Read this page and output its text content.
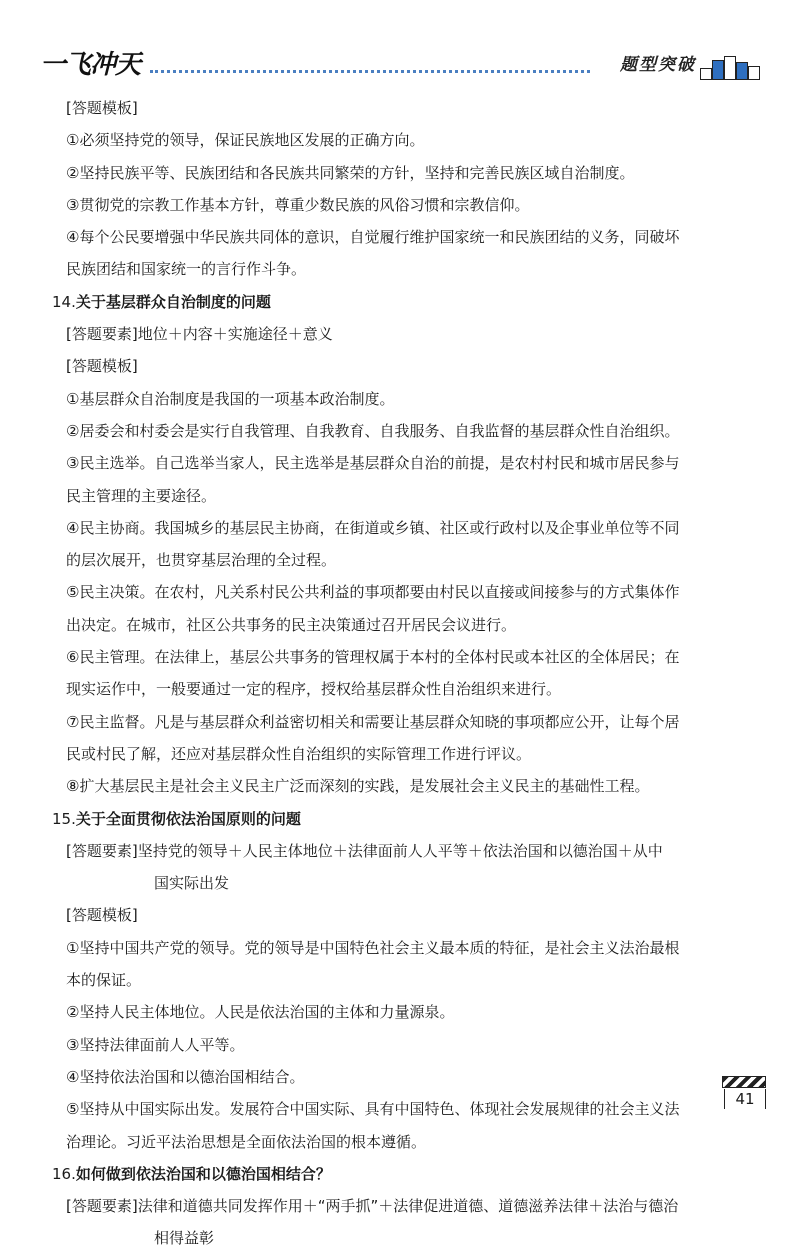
一飞冲天	题型突破
[答题模板]
①必须坚持党的领导，保证民族地区发展的正确方向。
②坚持民族平等、民族团结和各民族共同繁荣的方针，坚持和完善民族区域自治制度。
③贯彻党的宗教工作基本方针，尊重少数民族的风俗习惯和宗教信仰。
④每个公民要增强中华民族共同体的意识，自觉履行维护国家统一和民族团结的义务，同破坏
民族团结和国家统一的言行作斗争。
14.关于基层群众自治制度的问题
[答题要素]地位＋内容＋实施途径＋意义
[答题模板]
①基层群众自治制度是我国的一项基本政治制度。
②居委会和村委会是实行自我管理、自我教育、自我服务、自我监督的基层群众性自治组织。
③民主选举。自己选举当家人，民主选举是基层群众自治的前提，是农村村民和城市居民参与
民主管理的主要途径。
④民主协商。我国城乡的基层民主协商，在街道或乡镇、社区或行政村以及企事业单位等不同
的层次展开，也贯穿基层治理的全过程。
⑤民主决策。在农村，凡关系村民公共利益的事项都要由村民以直接或间接参与的方式集体作
出决定。在城市，社区公共事务的民主决策通过召开居民会议进行。
⑥民主管理。在法律上，基层公共事务的管理权属于本村的全体村民或本社区的全体居民；在
现实运作中，一般要通过一定的程序，授权给基层群众性自治组织来进行。
⑦民主监督。凡是与基层群众利益密切相关和需要让基层群众知晓的事项都应公开，让每个居
民或村民了解，还应对基层群众性自治组织的实际管理工作进行评议。
⑧扩大基层民主是社会主义民主广泛而深刻的实践，是发展社会主义民主的基础性工程。
15.关于全面贯彻依法治国原则的问题
[答题要素]坚持党的领导＋人民主体地位＋法律面前人人平等＋依法治国和以德治国＋从中
国实际出发
[答题模板]
①坚持中国共产党的领导。党的领导是中国特色社会主义最本质的特征，是社会主义法治最根
本的保证。
②坚持人民主体地位。人民是依法治国的主体和力量源泉。
③坚持法律面前人人平等。
④坚持依法治国和以德治国相结合。
⑤坚持从中国实际出发。发展符合中国实际、具有中国特色、体现社会发展规律的社会主义法
治理论。习近平法治思想是全面依法治国的根本遵循。
16.如何做到依法治国和以德治国相结合？
[答题要素]法律和道德共同发挥作用＋“两手抓”＋法律促进道德、道德滋养法律＋法治与德治
相得益彰
41
